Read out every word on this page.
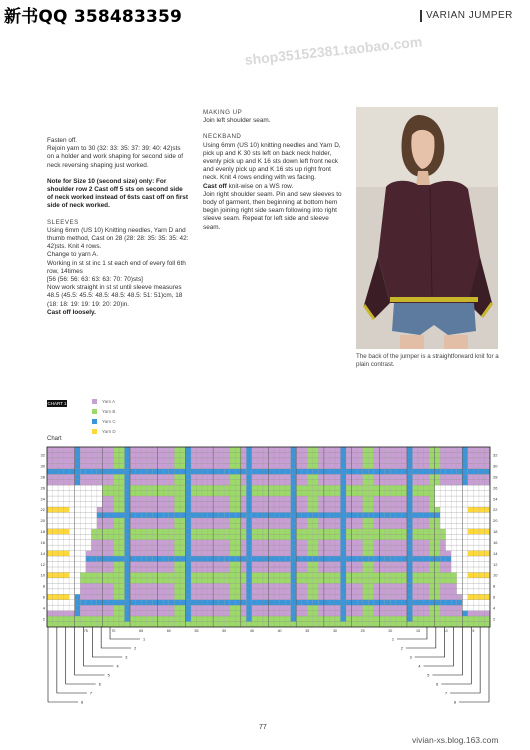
新书QQ 358483359	VARIAN JUMPER
shop35152381.taobao.com

Fasten off.
Rejoin yarn to 30 (32: 33: 35: 37: 39: 40: 42)sts on a holder and work shaping for second side of neck reversing shaping just worked.

Note for Size 10 (second size) only: For shoulder row 2 Cast off 5 sts on second side of neck worked instead of 6sts cast off on first side of neck worked.

SLEEVES
Using 6mm (US 10) Knitting needles, Yarn D and thumb method, Cast on 28 (28: 28: 35: 35: 35: 42: 42)sts. Knit 4 rows.
Change to yarn A.
Working in st st inc 1 st each end of every foll 6th row, 14times
[56 (56: 56: 63: 63: 63: 70: 70)sts]
Now work straight in st st until sleeve measures 48.5 (45.5: 45.5: 48.5: 48.5: 48.5: 51: 51)cm, 18 (18: 18: 19: 19: 19: 20: 20)in.
Cast off loosely.

MAKING UP
Join left shoulder seam.

NECKBAND
Using 6mm (US 10) knitting needles and Yarn D, pick up and K 30 sts left on back neck holder, evenly pick up and K 16 sts down left front neck and evenly pick up and K 16 sts up right front neck. Knit 4 rows ending with ws facing.
Cast off knit-wise on a WS row.
Join right shoulder seam. Pin and sew sleeves to body of garment, then beginning at bottom hem begin joining right side seam following into right sleeve seam. Repeat for left side and sleeve seam.

The back of the jumper is a straightforward knit for a plain contrast.
CHART 1	Yarn A
Yarn B
Yarn C
Yarn D
Chart
2	2
4	4
6	6
8	8
10	10
12	12
14	14
16	16
18	18
20	20
22	22
24	24
26	26
28	28
30	30
32	32
75	70	65	60	55	50	45	40	35	30	25	20	15	10	5
1	1
2	2
3	3
4	4
5	5
6	6
7	7
8	8
77
vivian-xs.blog.163.com
